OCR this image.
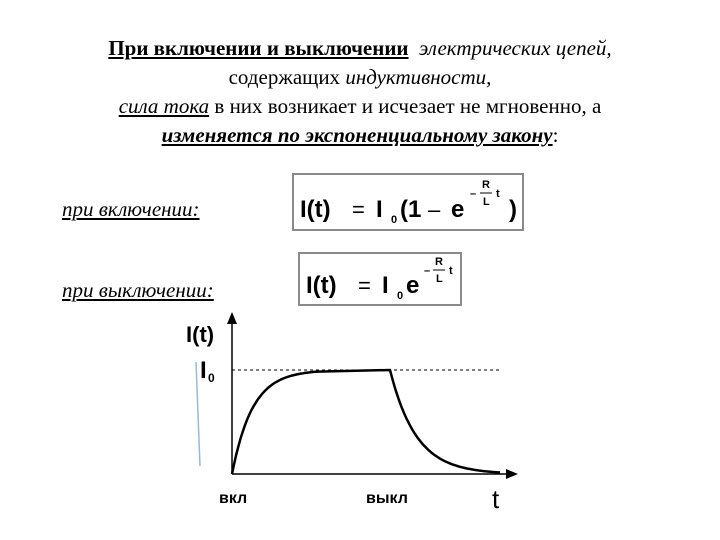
При включении и выключении электрических цепей,
содержащих индуктивности,
сила тока в них возникает и исчезает не мгновенно, а
изменяется по экспоненциальному закону:
при включении:
при выключении:
I(t) = I 0 (1 – e
–
R
L
t
)
I(t) = I 0 e
–
R
L
t
I(t)
I 0
вкл	выкл	t
